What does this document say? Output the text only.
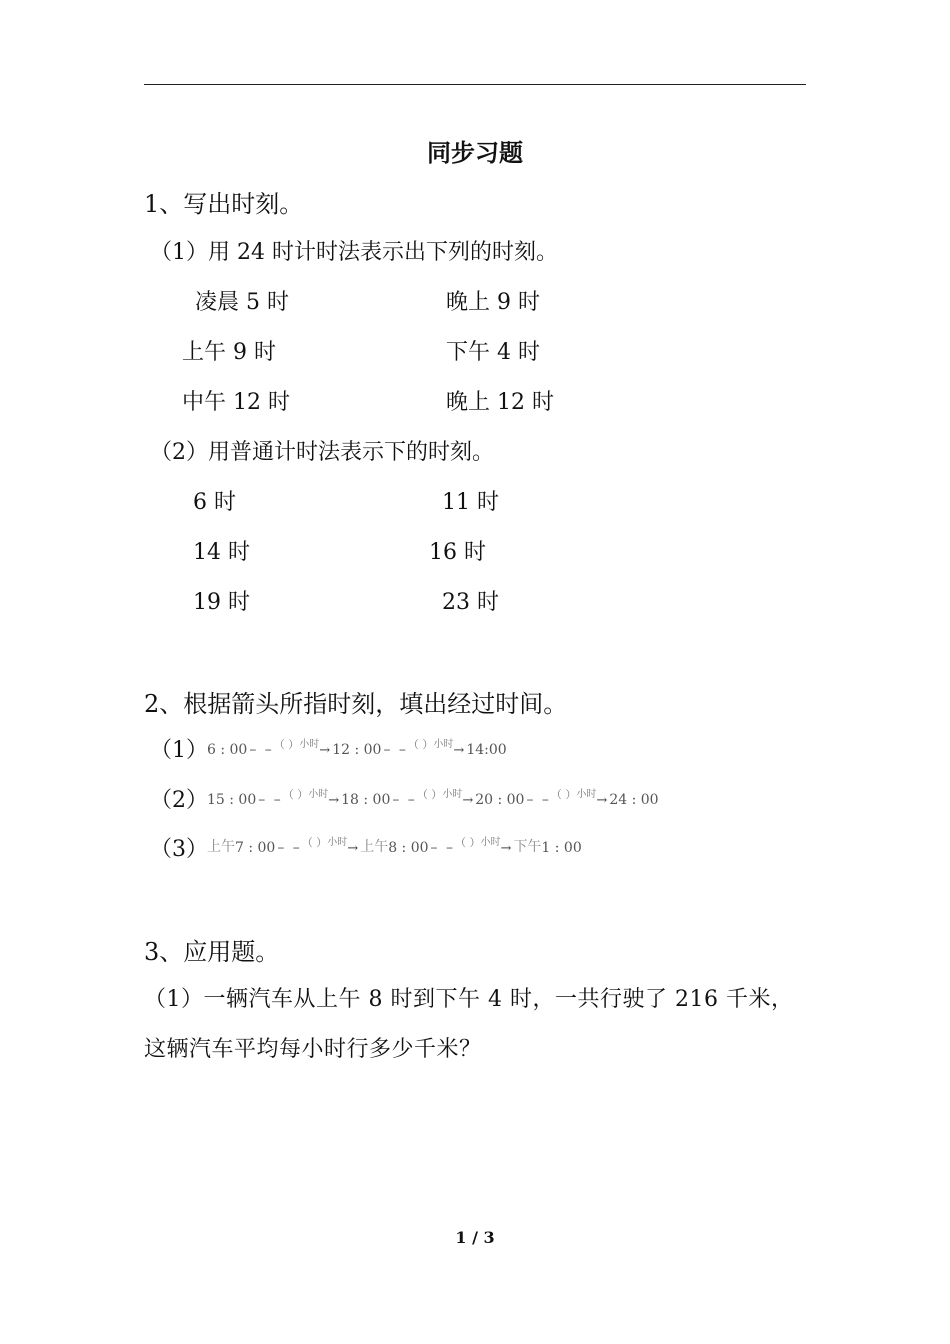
同步习题
1、写出时刻。
（1）用 24 时计时法表示出下列的时刻。
凌晨 5 时	晚上 9 时
上午 9 时	下午 4 时
中午 12 时	晚上 12 时
（2）用普通计时法表示下的时刻。
6 时	11 时
14 时	16 时
19 时	23 时
2、根据箭头所指时刻，填出经过时间。
（1） 6 : 00 – – （ ） 小时 → 12 : 00 – – （ ） 小时 → 14:00
（2） 15 : 00 – – （ ） 小时 → 18 : 00 – – （ ） 小时 → 20 : 00 – – （ ） 小时 → 24 : 00
（3） 上午 7 : 00 – – （ ） 小时 → 上午 8 : 00 – – （ ） 小时 → 下午 1 : 00
3、应用题。
（1）一辆汽车从上午 8 时到下午 4 时，一共行驶了 216 千米，
这辆汽车平均每小时行多少千米？
1 / 3
